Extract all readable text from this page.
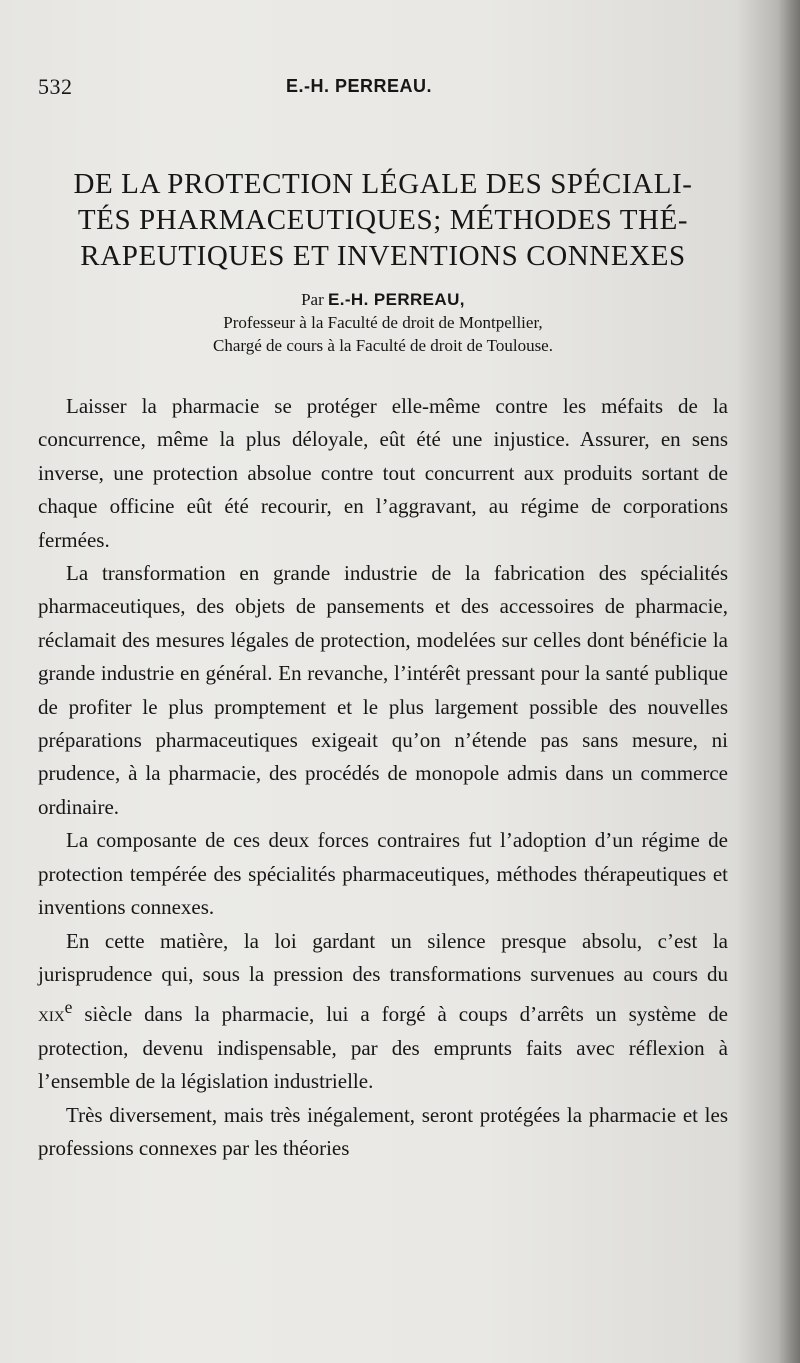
532	E.-H. PERREAU.
DE LA PROTECTION LÉGALE DES SPÉCIALI-
TÉS PHARMACEUTIQUES; MÉTHODES THÉ-
RAPEUTIQUES ET INVENTIONS CONNEXES
Par E.-H. PERREAU,
Professeur à la Faculté de droit de Montpellier,
Chargé de cours à la Faculté de droit de Toulouse.

Laisser la pharmacie se protéger elle-même contre les méfaits de la concurrence, même la plus déloyale, eût été une injustice. Assurer, en sens inverse, une protection absolue contre tout concurrent aux produits sortant de chaque officine eût été recourir, en l’aggravant, au régime de corporations fermées.

La transformation en grande industrie de la fabrication des spécialités pharmaceutiques, des objets de pansements et des accessoires de pharmacie, réclamait des mesures légales de protection, modelées sur celles dont bénéficie la grande industrie en général. En revanche, l’intérêt pressant pour la santé publique de profiter le plus promptement et le plus largement possible des nouvelles préparations pharmaceutiques exigeait qu’on n’étende pas sans mesure, ni prudence, à la pharmacie, des procédés de monopole admis dans un commerce ordinaire.

La composante de ces deux forces contraires fut l’adoption d’un régime de protection tempérée des spécialités pharmaceutiques, méthodes thérapeutiques et inventions connexes.

En cette matière, la loi gardant un silence presque absolu, c’est la jurisprudence qui, sous la pression des transformations survenues au cours du xix$^e$ siècle dans la pharmacie, lui a forgé à coups d’arrêts un système de protection, devenu indispensable, par des emprunts faits avec réflexion à l’ensemble de la législation industrielle.

Très diversement, mais très inégalement, seront protégées la pharmacie et les professions connexes par les théories
